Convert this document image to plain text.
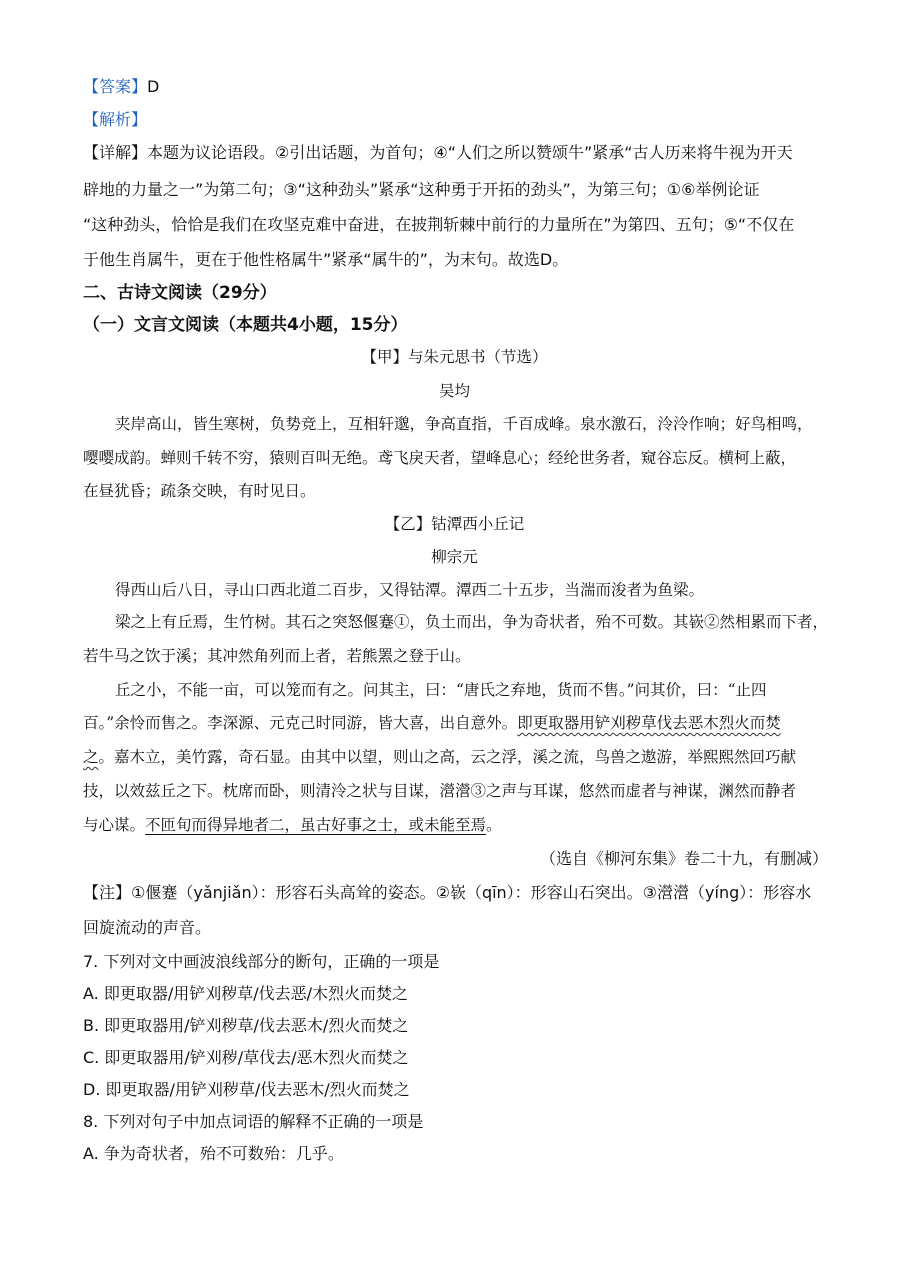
【答案】D
【解析】
【详解】本题为议论语段。②引出话题，为首句；④“人们之所以赞颂牛”紧承“古人历来将牛视为开天
辟地的力量之一”为第二句；③“这种劲头”紧承“这种勇于开拓的劲头”，为第三句；①⑥举例论证
“这种劲头，恰恰是我们在攻坚克难中奋进，在披荆斩棘中前行的力量所在”为第四、五句；⑤“不仅在
于他生肖属牛，更在于他性格属牛”紧承“属牛的”，为末句。故选D。
二、古诗文阅读（29分）
（一）文言文阅读（本题共4小题，15分）
【甲】与朱元思书（节选）
吴均
夹岸高山，皆生寒树，负势竞上，互相轩邈，争高直指，千百成峰。泉水激石，泠泠作响；好鸟相鸣，
嘤嘤成韵。蝉则千转不穷，猿则百叫无绝。鸢飞戾天者，望峰息心；经纶世务者，窥谷忘反。横柯上蔽，
在昼犹昏；疏条交映，有时见日。
【乙】钴潭西小丘记
柳宗元
得西山后八日，寻山口西北道二百步，又得钴潭。潭西二十五步，当湍而浚者为鱼梁。
梁之上有丘焉，生竹树。其石之突怒偃蹇①，负土而出，争为奇状者，殆不可数。其嵚②然相累而下者，
若牛马之饮于溪；其冲然角列而上者，若熊罴之登于山。
丘之小，不能一亩，可以笼而有之。问其主，曰：“唐氏之弃地，货而不售。”问其价，曰：“止四
百。”余怜而售之。李深源、元克己时同游，皆大喜，出自意外。即更取器用铲刈秽草伐去恶木烈火而焚
之。嘉木立，美竹露，奇石显。由其中以望，则山之高，云之浮，溪之流，鸟兽之遨游，举熙熙然回巧献
技，以效兹丘之下。枕席而卧，则清泠之状与目谋，瀯瀯③之声与耳谋，悠然而虚者与神谋，渊然而静者
与心谋。不匝旬而得异地者二，虽古好事之士，或未能至焉。
（选自《柳河东集》卷二十九，有删减）
【注】①偃蹇（yǎnjiǎn）：形容石头高耸的姿态。②嵚（qīn）：形容山石突出。③瀯瀯（yíng）：形容水
回旋流动的声音。
7. 下列对文中画波浪线部分的断句，正确的一项是
A. 即更取器/用铲刈秽草/伐去恶/木烈火而焚之
B. 即更取器用/铲刈秽草/伐去恶木/烈火而焚之
C. 即更取器用/铲刈秽/草伐去/恶木烈火而焚之
D. 即更取器/用铲刈秽草/伐去恶木/烈火而焚之
8. 下列对句子中加点词语的解释不正确的一项是
A. 争为奇状者，殆不可数殆：几乎。
